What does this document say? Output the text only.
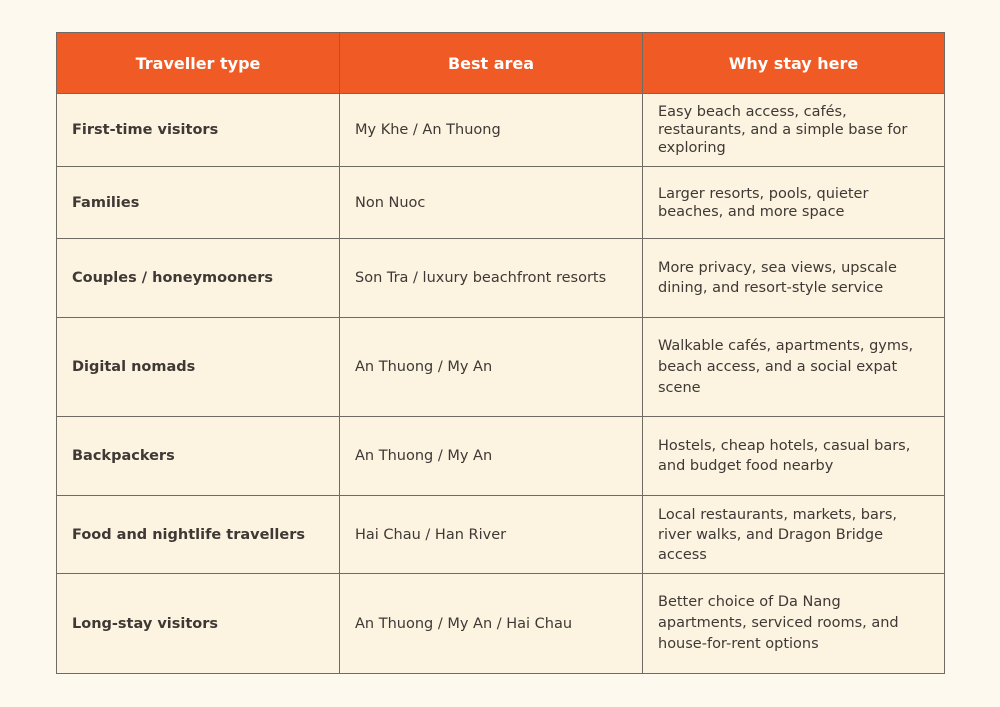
Traveller type	Best area	Why stay here
First-time visitors	My Khe / An Thuong	Easy beach access, cafés, restaurants, and a simple base for exploring
Families	Non Nuoc	Larger resorts, pools, quieter beaches, and more space
Couples / honeymooners	Son Tra / luxury beachfront resorts	More privacy, sea views, upscale dining, and resort-style service
Digital nomads	An Thuong / My An	Walkable cafés, apartments, gyms, beach access, and a social expat scene
Backpackers	An Thuong / My An	Hostels, cheap hotels, casual bars, and budget food nearby
Food and nightlife travellers	Hai Chau / Han River	Local restaurants, markets, bars, river walks, and Dragon Bridge access
Long-stay visitors	An Thuong / My An / Hai Chau	Better choice of Da Nang apartments, serviced rooms, and house-for-rent options
